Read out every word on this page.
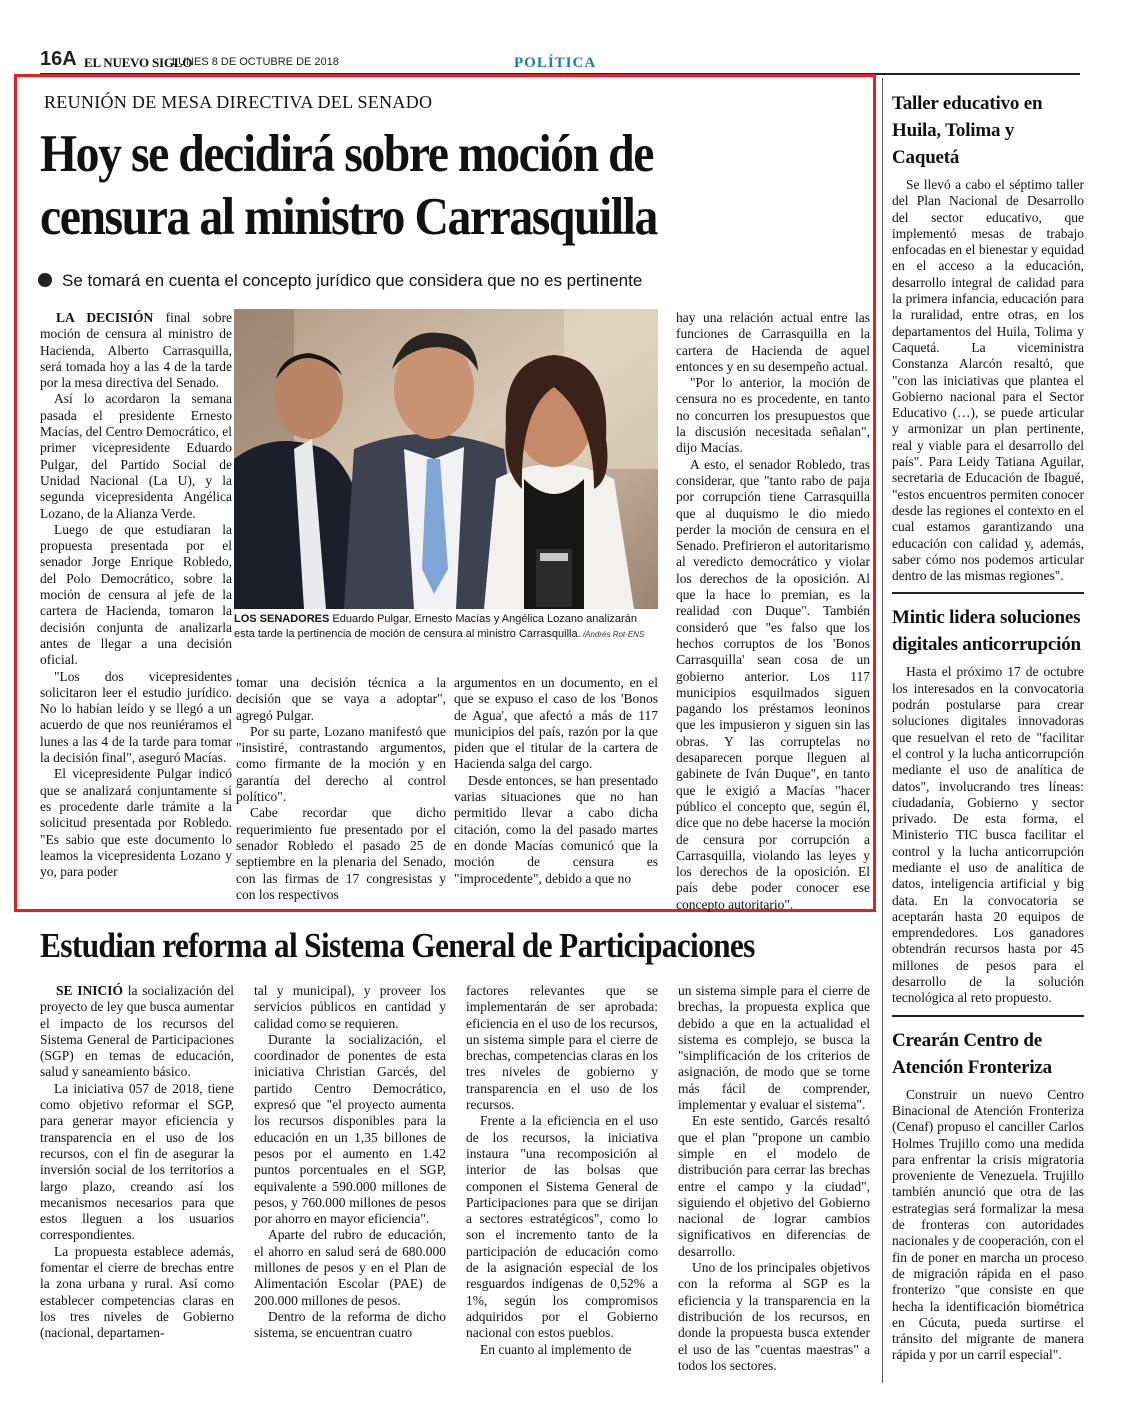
16A EL NUEVO SIGLO
LUNES 8 DE OCTUBRE DE 2018	POLÍTICA
REUNIÓN DE MESA DIRECTIVA DEL SENADO
Hoy se decidirá sobre moción de
censura al ministro Carrasquilla
Se tomará en cuenta el concepto jurídico que considera que no es pertinente

LA DECISIÓN final sobre moción de censura al ministro de Hacienda, Alberto Carrasquilla, será tomada hoy a las 4 de la tarde por la mesa directiva del Senado.

Así lo acordaron la semana pasada el presidente Ernesto Macías, del Centro Democrático, el primer vicepresidente Eduardo Pulgar, del Partido Social de Unidad Nacional (La U), y la segunda vicepresidenta Angélica Lozano, de la Alianza Verde.

Luego de que estudiaran la propuesta presentada por el senador Jorge Enrique Robledo, del Polo Democrático, sobre la moción de censura al jefe de la cartera de Hacienda, tomaron la decisión conjunta de analizarla antes de llegar a una decisión oficial.

"Los dos vicepresidentes solicitaron leer el estudio jurídico. No lo habían leído y se llegó a un acuerdo de que nos reuniéramos el lunes a las 4 de la tarde para tomar la decisión final", aseguró Macías.

El vicepresidente Pulgar indicó que se analizará conjuntamente si es procedente darle trámite a la solicitud presentada por Robledo. "Es sabio que este documento lo leamos la vicepresidenta Lozano y yo, para poder

LOS SENADORES Eduardo Pulgar, Ernesto Macías y Angélica Lozano analizarán esta tarde la pertinencia de moción de censura al ministro Carrasquilla. /Andrés Rot-ENS

tomar una decisión técnica a la decisión que se vaya a adoptar", agregó Pulgar.

Por su parte, Lozano manifestó que "insistiré, contrastando argumentos, como firmante de la moción y en garantía del derecho al control político".

Cabe recordar que dicho requerimiento fue presentado por el senador Robledo el pasado 25 de septiembre en la plenaria del Senado, con las firmas de 17 congresistas y con los respectivos

argumentos en un documento, en el que se expuso el caso de los 'Bonos de Agua', que afectó a más de 117 municipios del país, razón por la que piden que el titular de la cartera de Hacienda salga del cargo.

Desde entonces, se han presentado varias situaciones que no han permitido llevar a cabo dicha citación, como la del pasado martes en donde Macías comunicó que la moción de censura es "improcedente", debido a que no

hay una relación actual entre las funciones de Carrasquilla en la cartera de Hacienda de aquel entonces y en su desempeño actual.

"Por lo anterior, la moción de censura no es procedente, en tanto no concurren los presupuestos que la discusión necesitada señalan", dijo Macías.

A esto, el senador Robledo, tras considerar, que "tanto rabo de paja por corrupción tiene Carrasquilla que al duquismo le dio miedo perder la moción de censura en el Senado. Prefirieron el autoritarismo al veredicto democrático y violar los derechos de la oposición. Al que la hace lo premian, es la realidad con Duque". También consideró que "es falso que los hechos corruptos de los 'Bonos Carrasquilla' sean cosa de un gobierno anterior. Los 117 municipios esquilmados siguen pagando los préstamos leoninos que les impusieron y siguen sin las obras. Y las corruptelas no desaparecen porque lleguen al gabinete de Iván Duque", en tanto que le exigió a Macías "hacer público el concepto que, según él, dice que no debe hacerse la moción de censura por corrupción a Carrasquilla, violando las leyes y los derechos de la oposición. El país debe poder conocer ese concepto autoritario".

Estudian reforma al Sistema General de Participaciones

SE INICIÓ la socialización del proyecto de ley que busca aumentar el impacto de los recursos del Sistema General de Participaciones (SGP) en temas de educación, salud y saneamiento básico.

La iniciativa 057 de 2018, tiene como objetivo reformar el SGP, para generar mayor eficiencia y transparencia en el uso de los recursos, con el fin de asegurar la inversión social de los territorios a largo plazo, creando así los mecanismos necesarios para que estos lleguen a los usuarios correspondientes.

La propuesta establece además, fomentar el cierre de brechas entre la zona urbana y rural. Así como establecer competencias claras en los tres niveles de Gobierno (nacional, departamen-

tal y municipal), y proveer los servicios públicos en cantidad y calidad como se requieren.

Durante la socialización, el coordinador de ponentes de esta iniciativa Christian Garcés, del partido Centro Democrático, expresó que "el proyecto aumenta los recursos disponibles para la educación en un 1,35 billones de pesos por el aumento en 1.42 puntos porcentuales en el SGP, equivalente a 590.000 millones de pesos, y 760.000 millones de pesos por ahorro en mayor eficiencia".

Aparte del rubro de educación, el ahorro en salud será de 680.000 millones de pesos y en el Plan de Alimentación Escolar (PAE) de 200.000 millones de pesos.

Dentro de la reforma de dicho sistema, se encuentran cuatro

factores relevantes que se implementarán de ser aprobada: eficiencia en el uso de los recursos, un sistema simple para el cierre de brechas, competencias claras en los tres niveles de gobierno y transparencia en el uso de los recursos.

Frente a la eficiencia en el uso de los recursos, la iniciativa instaura "una recomposición al interior de las bolsas que componen el Sistema General de Participaciones para que se dirijan a sectores estratégicos", como lo son el incremento tanto de la participación de educación como de la asignación especial de los resguardos indígenas de 0,52% a 1%, según los compromisos adquiridos por el Gobierno nacional con estos pueblos.

En cuanto al implemento de

un sistema simple para el cierre de brechas, la propuesta explica que debido a que en la actualidad el sistema es complejo, se busca la "simplificación de los criterios de asignación, de modo que se torne más fácil de comprender, implementar y evaluar el sistema".

En este sentido, Garcés resaltó que el plan "propone un cambio simple en el modelo de distribución para cerrar las brechas entre el campo y la ciudad", siguiendo el objetivo del Gobierno nacional de lograr cambios significativos en diferencias de desarrollo.

Uno de los principales objetivos con la reforma al SGP es la eficiencia y la transparencia en la distribución de los recursos, en donde la propuesta busca extender el uso de las "cuentas maestras" a todos los sectores.

Taller educativo en Huila, Tolima y Caquetá

Se llevó a cabo el séptimo taller del Plan Nacional de Desarrollo del sector educativo, que implementó mesas de trabajo enfocadas en el bienestar y equidad en el acceso a la educación, desarrollo integral de calidad para la primera infancia, educación para la ruralidad, entre otras, en los departamentos del Huila, Tolima y Caquetá. La viceministra Constanza Alarcón resaltó, que "con las iniciativas que plantea el Gobierno nacional para el Sector Educativo (…), se puede articular y armonizar un plan pertinente, real y viable para el desarrollo del país". Para Leidy Tatiana Aguilar, secretaria de Educación de Ibagué, "estos encuentros permiten conocer desde las regiones el contexto en el cual estamos garantizando una educación con calidad y, además, saber cómo nos podemos articular dentro de las mismas regiones".

Mintic lidera soluciones digitales anticorrupción

Hasta el próximo 17 de octubre los interesados en la convocatoria podrán postularse para crear soluciones digitales innovadoras que resuelvan el reto de "facilitar el control y la lucha anticorrupción mediante el uso de analítica de datos", involucrando tres líneas: ciudadanía, Gobierno y sector privado. De esta forma, el Ministerio TIC busca facilitar el control y la lucha anticorrupción mediante el uso de analítica de datos, inteligencia artificial y big data. En la convocatoria se aceptarán hasta 20 equipos de emprendedores. Los ganadores obtendrán recursos hasta por 45 millones de pesos para el desarrollo de la solución tecnológica al reto propuesto.

Crearán Centro de Atención Fronteriza

Construir un nuevo Centro Binacional de Atención Fronteriza (Cenaf) propuso el canciller Carlos Holmes Trujillo como una medida para enfrentar la crisis migratoria proveniente de Venezuela. Trujillo también anunció que otra de las estrategias será formalizar la mesa de fronteras con autoridades nacionales y de cooperación, con el fin de poner en marcha un proceso de migración rápida en el paso fronterizo "que consiste en que hecha la identificación biométrica en Cúcuta, pueda surtirse el tránsito del migrante de manera rápida y por un carril especial".
